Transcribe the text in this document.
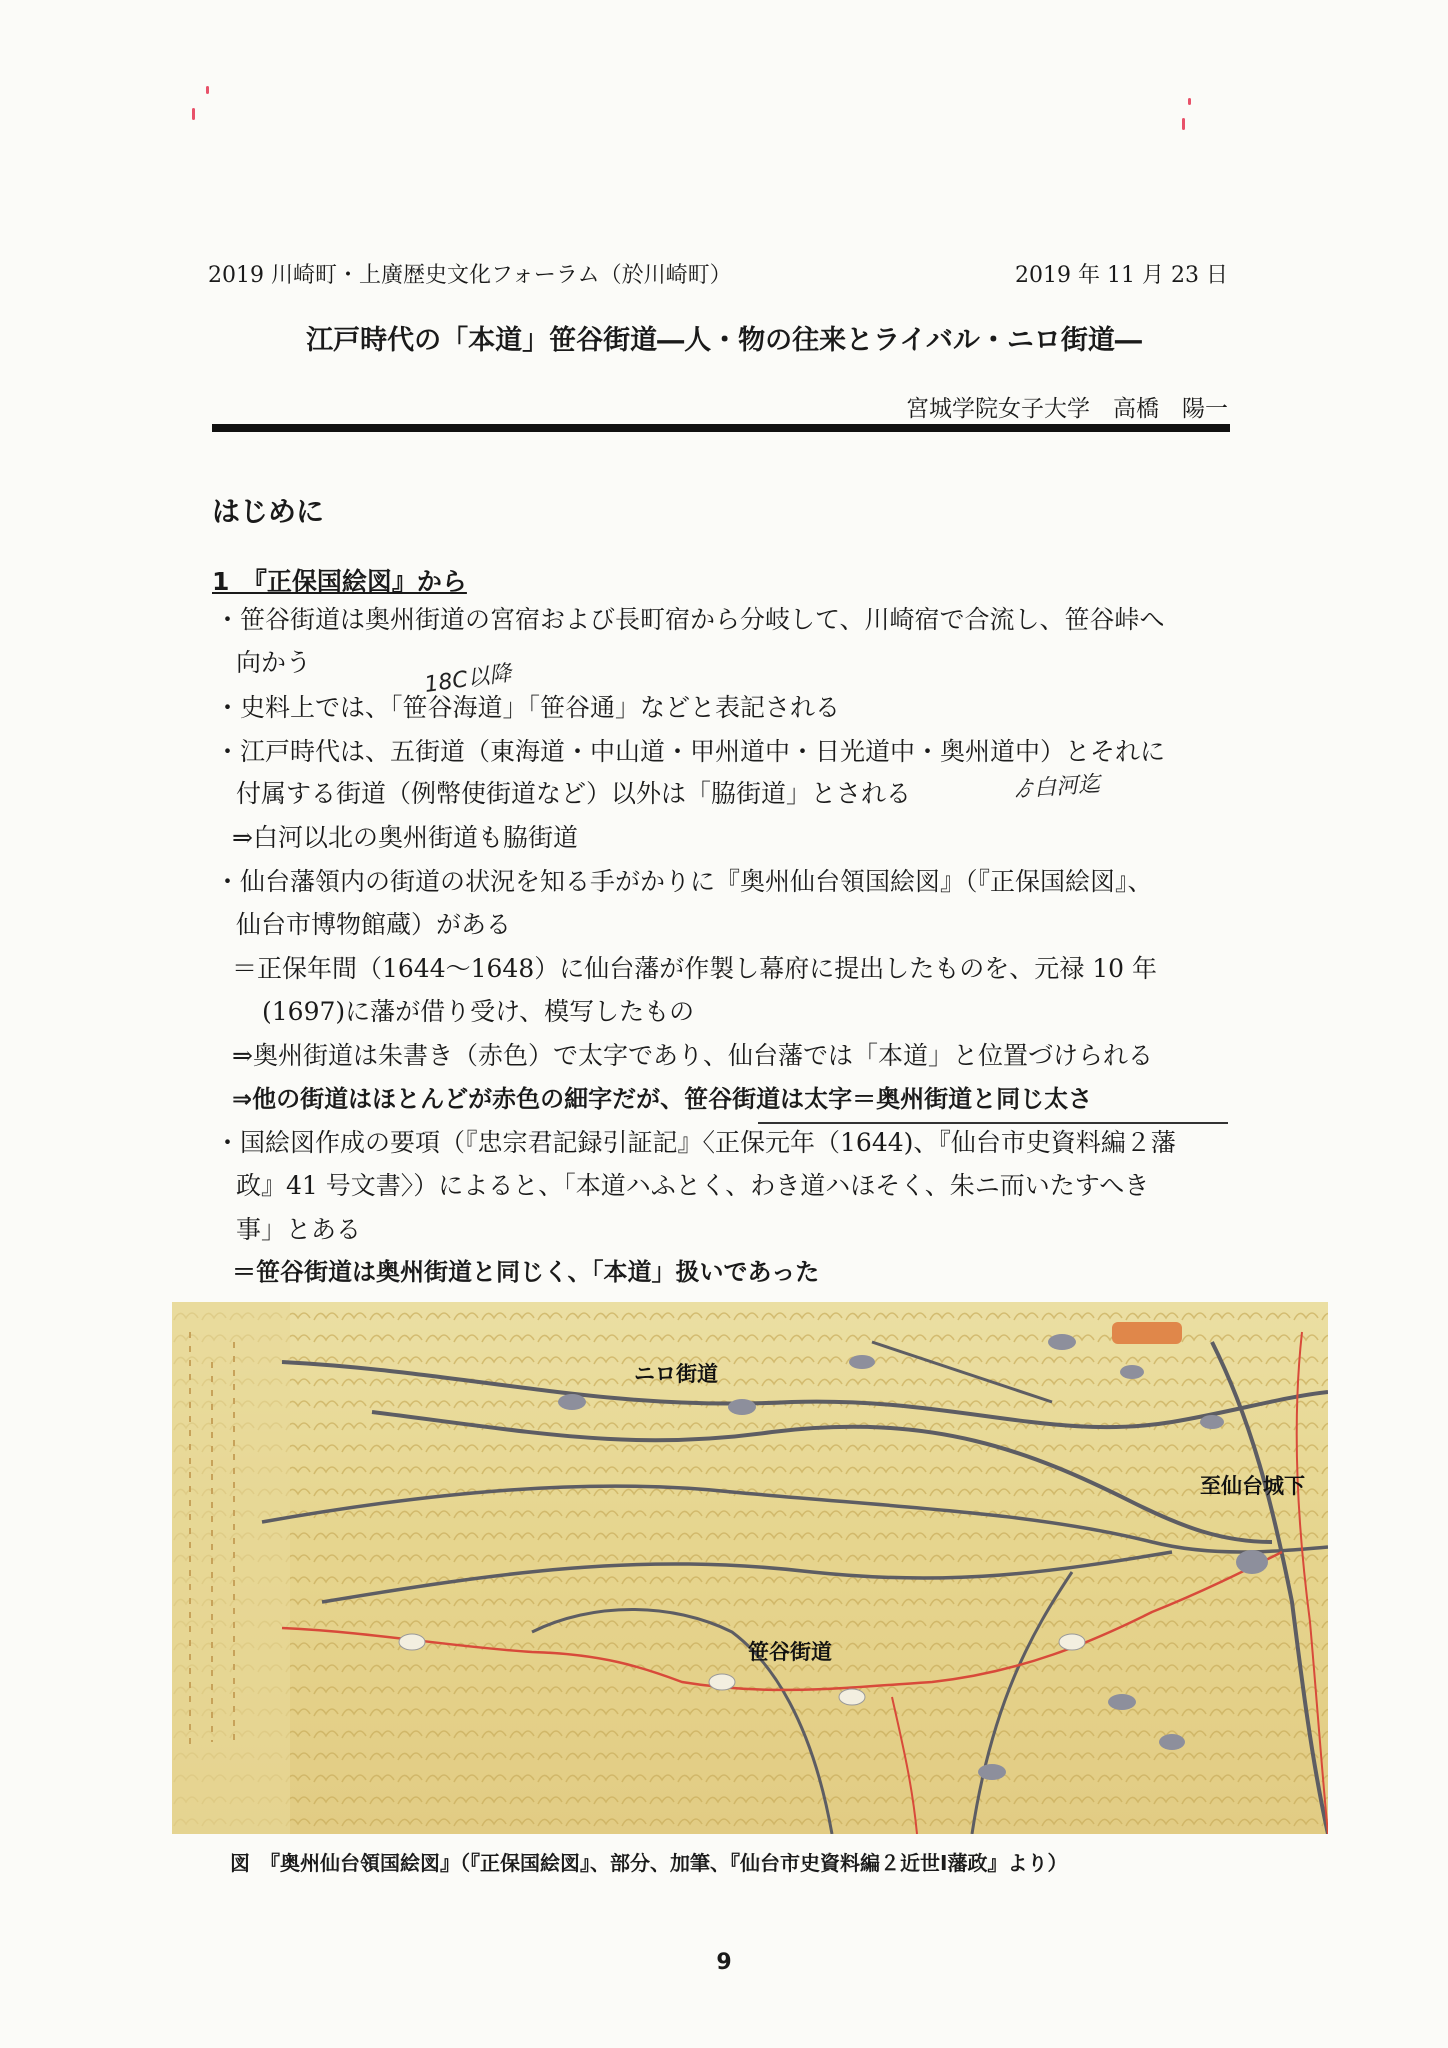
2019 川崎町・上廣歴史文化フォーラム（於川崎町）	2019 年 11 月 23 日
江戸時代の「本道」笹谷街道―人・物の往来とライバル・ニロ街道―
宮城学院女子大学　高橋　陽一
はじめに
1　『正保国絵図』から
・笹谷街道は奥州街道の宮宿および長町宿から分岐して、川崎宿で合流し、笹谷峠へ
向かう	18C以降
・史料上では、「笹谷海道」「笹谷通」などと表記される
・江戸時代は、五街道（東海道・中山道・甲州道中・日光道中・奥州道中）とそれに
付属する街道（例幣使街道など）以外は「脇街道」とされる	ゟ白河迄
⇒白河以北の奥州街道も脇街道
・仙台藩領内の街道の状況を知る手がかりに『奥州仙台領国絵図』（『正保国絵図』、
仙台市博物館蔵）がある
＝正保年間（1644～1648）に仙台藩が作製し幕府に提出したものを、元禄 10 年
(1697)に藩が借り受け、模写したもの
⇒奥州街道は朱書き（赤色）で太字であり、仙台藩では「本道」と位置づけられる
⇒他の街道はほとんどが赤色の細字だが、笹谷街道は太字＝奥州街道と同じ太さ
・国絵図作成の要項（『忠宗君記録引証記』〈正保元年（1644)、『仙台市史資料編２藩
政』41 号文書〉）によると、「本道ハふとく、わき道ハほそく、朱ニ而いたすへき
事」とある
＝笹谷街道は奥州街道と同じく、「本道」扱いであった
ニロ街道
至仙台城下
笹谷街道
図　『奥州仙台領国絵図』（『正保国絵図』、部分、加筆、『仙台市史資料編２近世Ⅰ藩政』より）
9
